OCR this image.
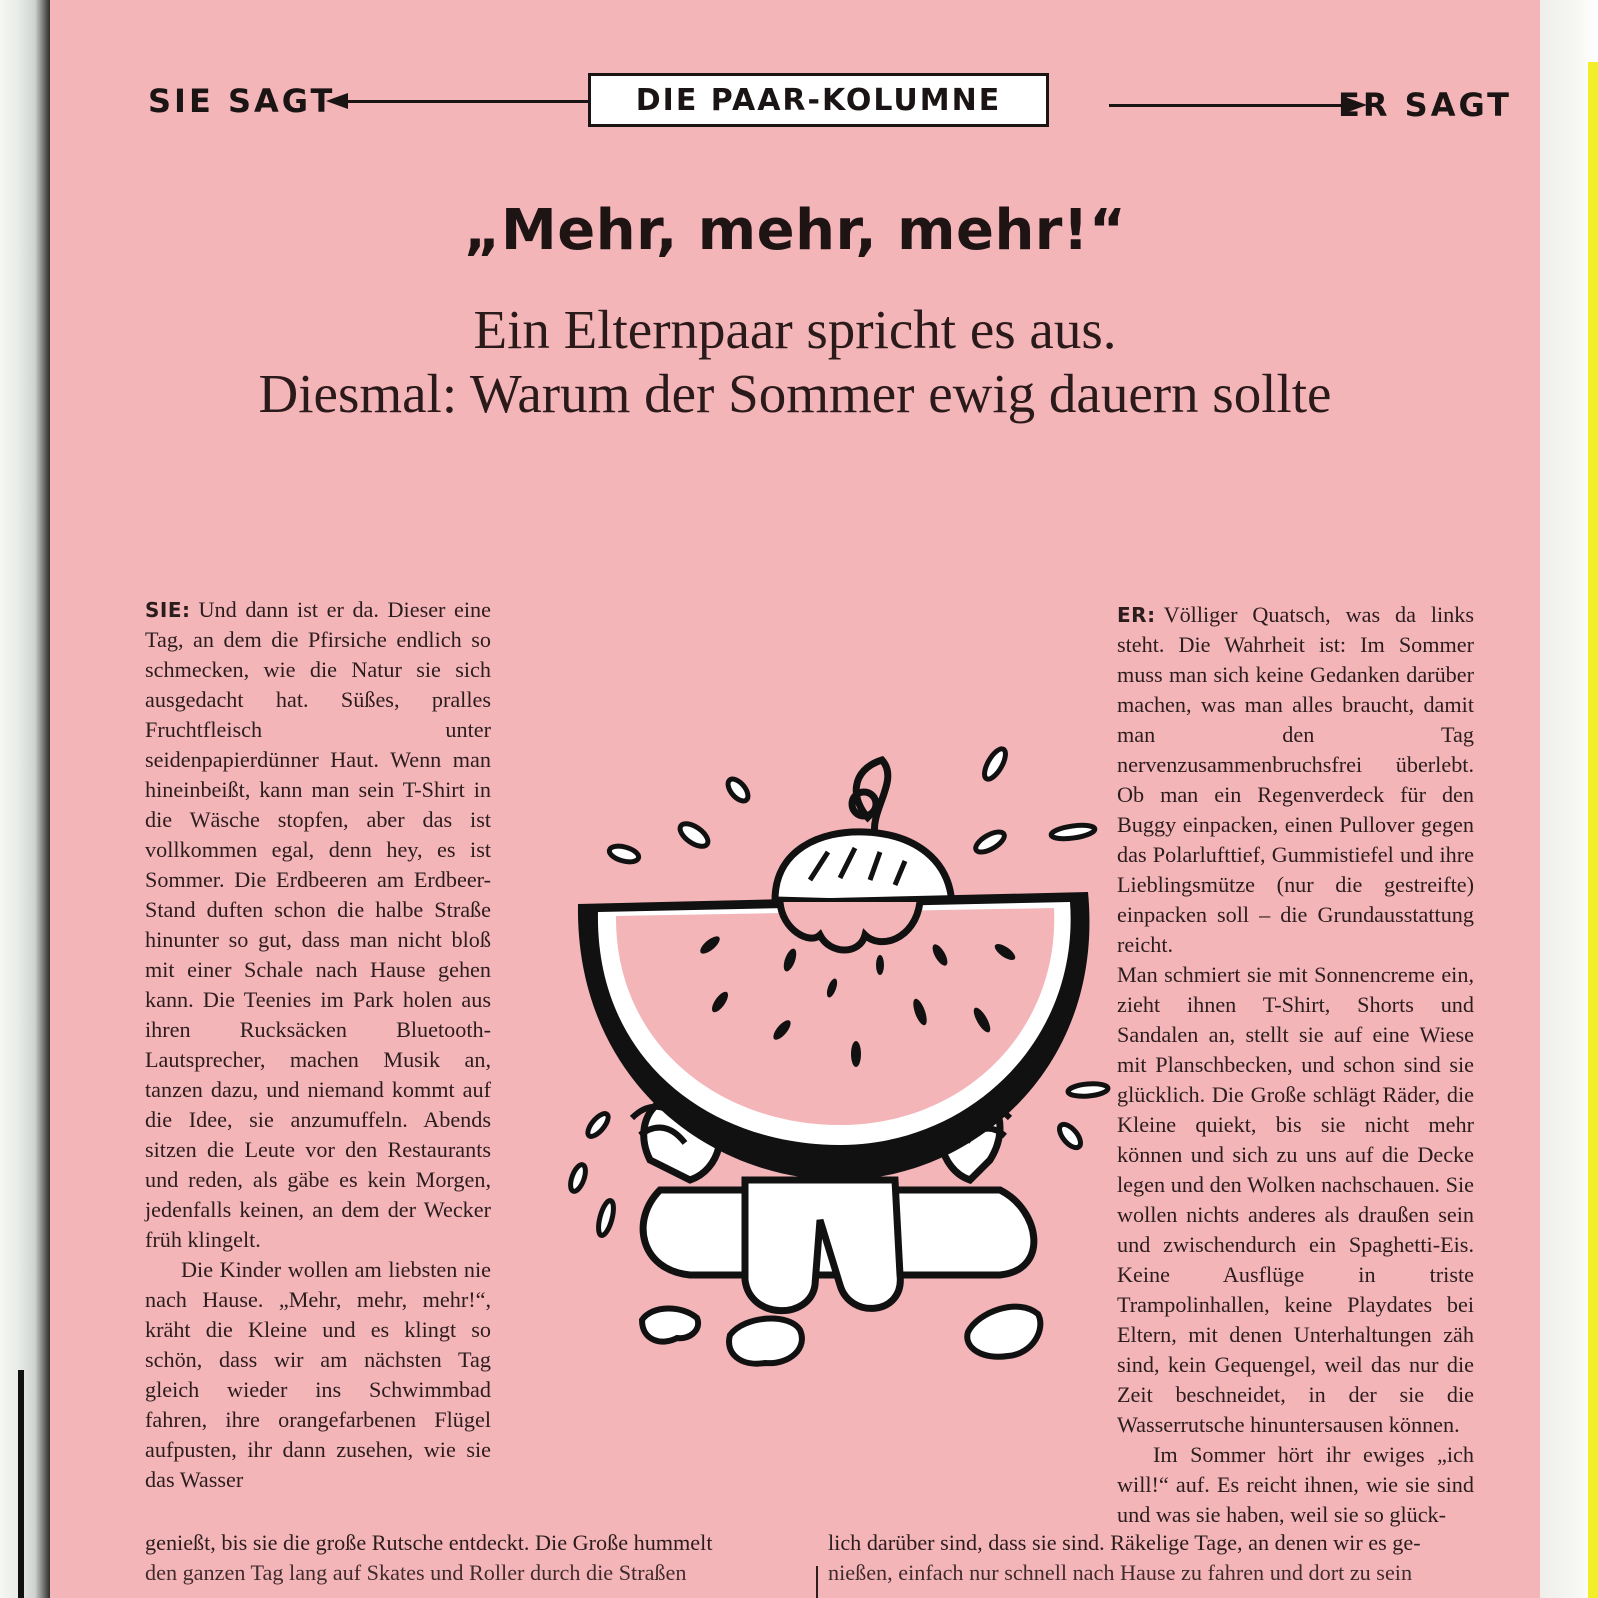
SIE SAGT	DIE PAAR-KOLUMNE	ER SAGT
„Mehr, mehr, mehr!“
Ein Elternpaar spricht es aus.
Diesmal: Warum der Sommer ewig dauern sollte

SIE: Und dann ist er da. Dieser eine Tag, an dem die Pfirsiche endlich so schmecken, wie die Natur sie sich ausgedacht hat. Süßes, pralles Fruchtfleisch unter seidenpapierdünner Haut. Wenn man hineinbeißt, kann man sein T-Shirt in die Wäsche stopfen, aber das ist vollkommen egal, denn hey, es ist Sommer. Die Erdbeeren am Erdbeer-Stand duften schon die halbe Straße hinunter so gut, dass man nicht bloß mit einer Schale nach Hause gehen kann. Die Teenies im Park holen aus ihren Rucksäcken Bluetooth-Lautsprecher, machen Musik an, tanzen dazu, und niemand kommt auf die Idee, sie anzumuffeln. Abends sitzen die Leute vor den Restaurants und reden, als gäbe es kein Morgen, jedenfalls keinen, an dem der Wecker früh klingelt.

Die Kinder wollen am liebsten nie nach Hause. „Mehr, mehr, mehr!“, kräht die Kleine und es klingt so schön, dass wir am nächsten Tag gleich wieder ins Schwimmbad fahren, ihre orangefarbenen Flügel aufpusten, ihr dann zusehen, wie sie das Wasser

ER: Völliger Quatsch, was da links steht. Die Wahrheit ist: Im Sommer muss man sich keine Gedanken darüber machen, was man alles braucht, damit man den Tag nervenzusammenbruchsfrei überlebt. Ob man ein Regenverdeck für den Buggy einpacken, einen Pullover gegen das Polarlufttief, Gummistiefel und ihre Lieblingsmütze (nur die gestreifte) einpacken soll – die Grundausstattung reicht.

Man schmiert sie mit Sonnencreme ein, zieht ihnen T-Shirt, Shorts und Sandalen an, stellt sie auf eine Wiese mit Planschbecken, und schon sind sie glücklich. Die Große schlägt Räder, die Kleine quiekt, bis sie nicht mehr können und sich zu uns auf die Decke legen und den Wolken nachschauen. Sie wollen nichts anderes als draußen sein und zwischendurch ein Spaghetti-Eis. Keine Ausflüge in triste Trampolinhallen, keine Playdates bei Eltern, mit denen Unterhaltungen zäh sind, kein Gequengel, weil das nur die Zeit beschneidet, in der sie die Wasserrutsche hinuntersausen können.

Im Sommer hört ihr ewiges „ich will!“ auf. Es reicht ihnen, wie sie sind und was sie haben, weil sie so glück-

genießt, bis sie die große Rutsche entdeckt. Die Große hummelt
den ganzen Tag lang auf Skates und Roller durch die Straßen
lich darüber sind, dass sie sind. Räkelige Tage, an denen wir es ge-
nießen, einfach nur schnell nach Hause zu fahren und dort zu sein
